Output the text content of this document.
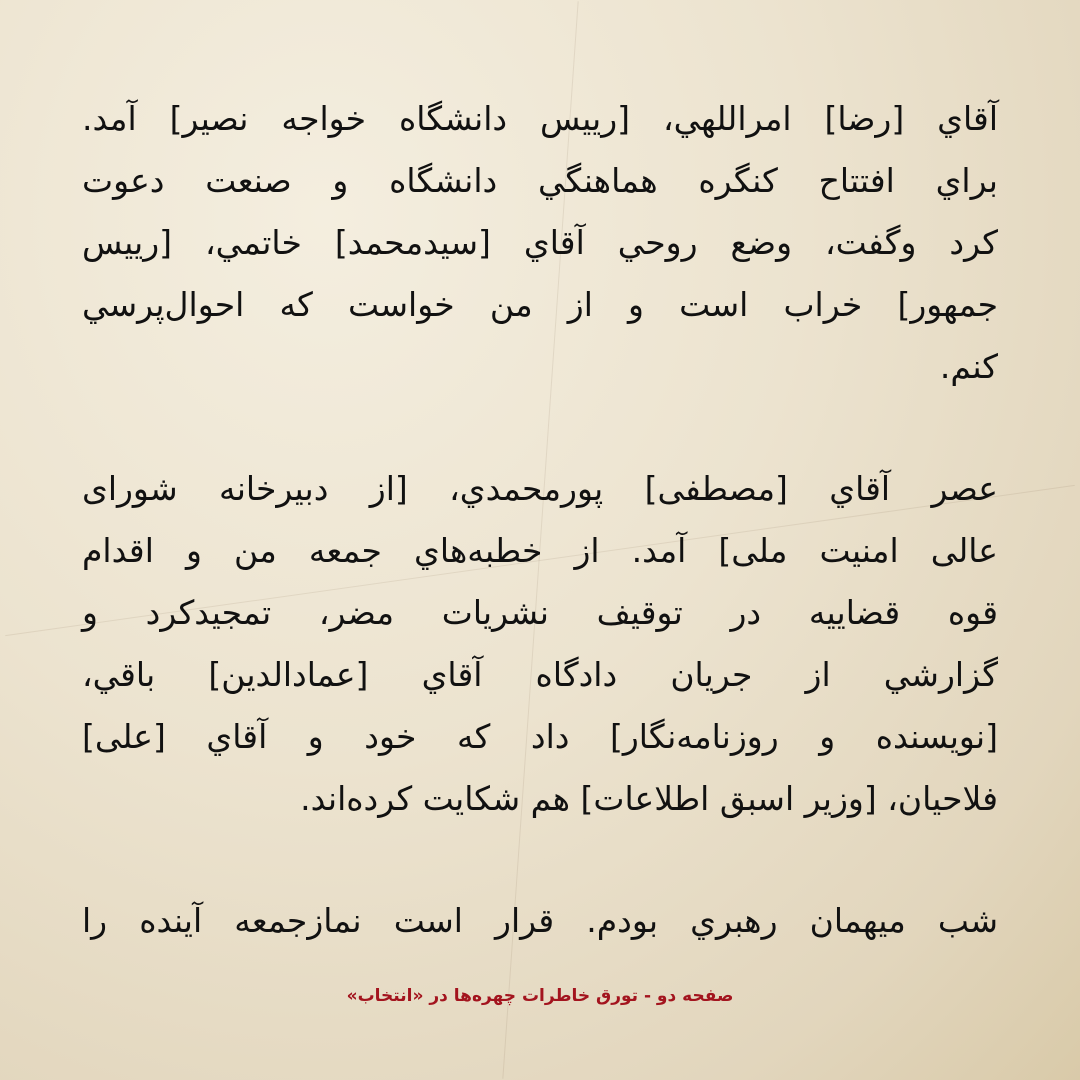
آقاي [رضا] امراللهي، [رييس دانشگاه خواجه نصير] آمد.
براي افتتاح كنگره هماهنگي دانشگاه و صنعت دعوت
كرد وگفت، وضع روحي آقاي [سيدمحمد] خاتمي، [رييس
جمهور] خراب است و از من خواست كه احوال‌پرسي
كنم.
عصر آقاي [مصطفی] پورمحمدي، [از دبيرخانه شورای
عالی امنيت ملی] آمد. از خطبه‌هاي جمعه من و اقدام
قوه قضاييه در توقيف نشريات مضر، تمجيدكرد و
گزارشي از جريان دادگاه آقاي [عمادالدين] باقي،
[نويسنده و روزنامه‌نگار] داد كه خود و آقاي [علی]
فلاحيان، [وزير اسبق اطلاعات] هم شكايت كرده‌اند.
شب ميهمان رهبري بودم. قرار است نمازجمعه آينده را
صفحه دو - تورق خاطرات چهره‌ها در «انتخاب»
